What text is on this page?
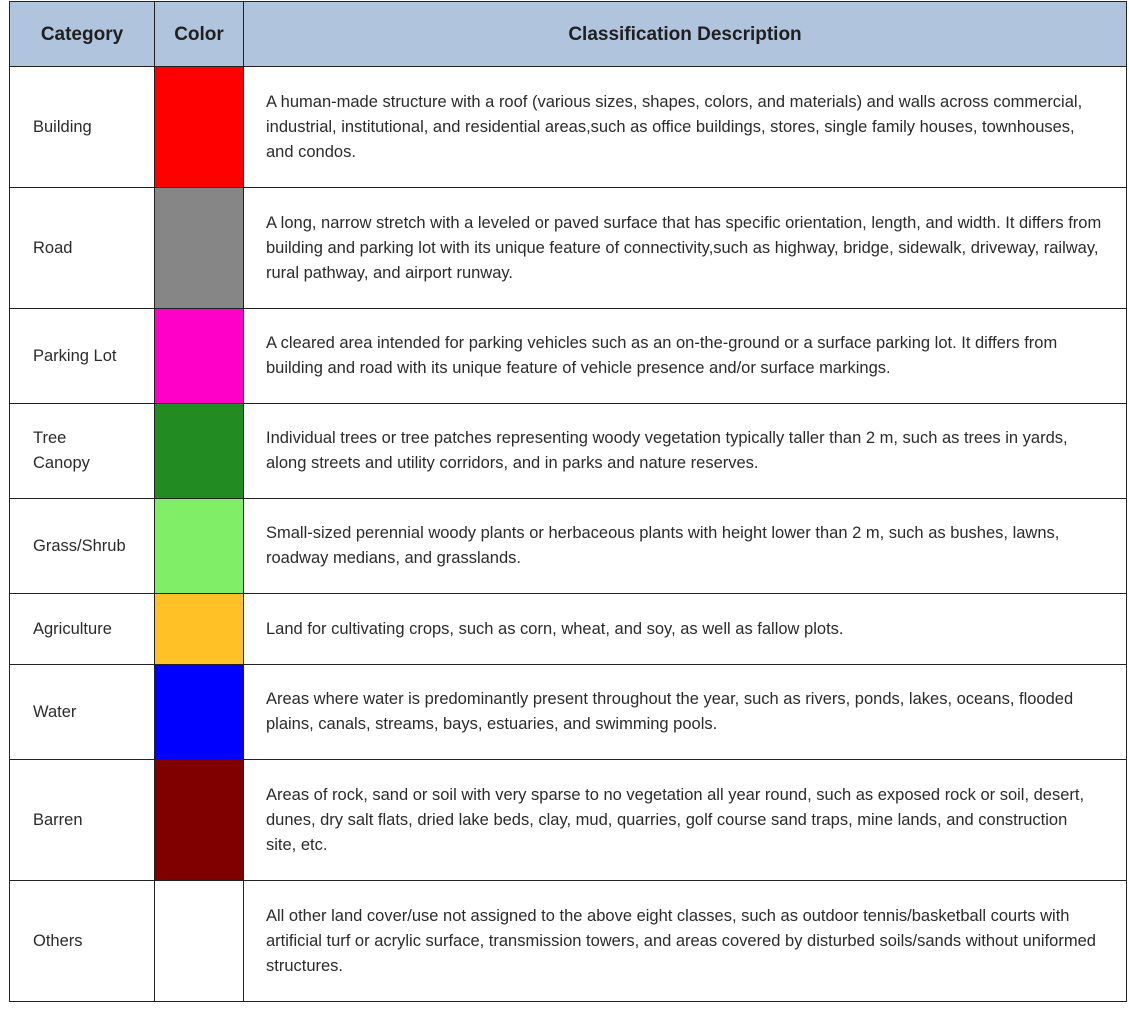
Category	Color	Classification Description
Building		A human-made structure with a roof (various sizes, shapes, colors, and materials) and walls across commercial, industrial, institutional, and residential areas,such as office buildings, stores, single family houses, townhouses, and condos.
Road		A long, narrow stretch with a leveled or paved surface that has specific orientation, length, and width. It differs from building and parking lot with its unique feature of connectivity,such as highway, bridge, sidewalk, driveway, railway, rural pathway, and airport runway.
Parking Lot		A cleared area intended for parking vehicles such as an on-the-ground or a surface parking lot. It differs from building and road with its unique feature of vehicle presence and/or surface markings.
Tree Canopy		Individual trees or tree patches representing woody vegetation typically taller than 2 m, such as trees in yards, along streets and utility corridors, and in parks and nature reserves.
Grass/Shrub		Small-sized perennial woody plants or herbaceous plants with height lower than 2 m, such as bushes, lawns, roadway medians, and grasslands.
Agriculture		Land for cultivating crops, such as corn, wheat, and soy, as well as fallow plots.
Water		Areas where water is predominantly present throughout the year, such as rivers, ponds, lakes, oceans, flooded plains, canals, streams, bays, estuaries, and swimming pools.
Barren		Areas of rock, sand or soil with very sparse to no vegetation all year round, such as exposed rock or soil, desert, dunes, dry salt flats, dried lake beds, clay, mud, quarries, golf course sand traps, mine lands, and construction site, etc.
Others		All other land cover/use not assigned to the above eight classes, such as outdoor tennis/basketball courts with artificial turf or acrylic surface, transmission towers, and areas covered by disturbed soils/sands without uniformed structures.
